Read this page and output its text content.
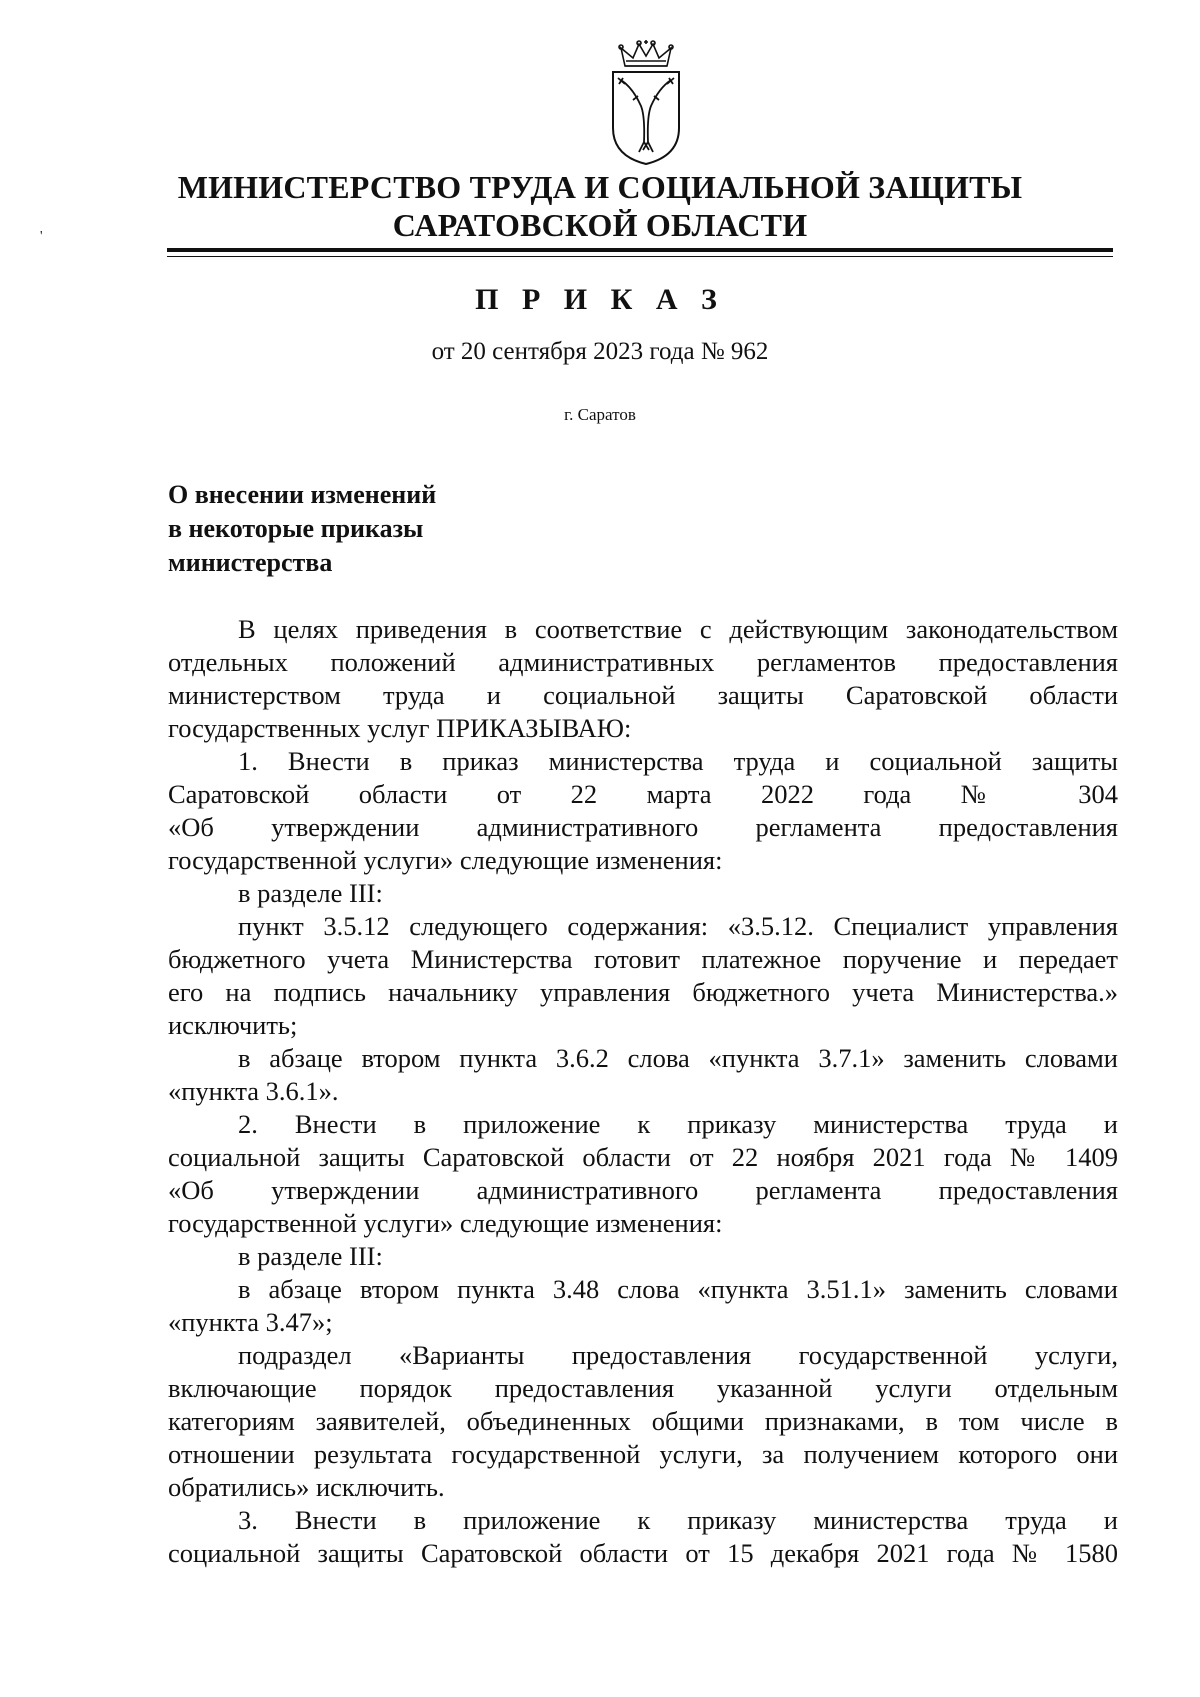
'
МИНИСТЕРСТВО ТРУДА И СОЦИАЛЬНОЙ ЗАЩИТЫ
САРАТОВСКОЙ ОБЛАСТИ
П Р И К А З
от 20 сентября 2023 года № 962
г. Саратов
О внесении изменений
в некоторые приказы
министерства
В целях приведения в соответствие с действующим законодательством
отдельных положений административных регламентов предоставления
министерством труда и социальной защиты Саратовской области
государственных услуг ПРИКАЗЫВАЮ:
1. Внести в приказ министерства труда и социальной защиты
Саратовской области от 22 марта 2022 года № 304
«Об утверждении административного регламента предоставления
государственной услуги» следующие изменения:
в разделе III:
пункт 3.5.12 следующего содержания: «3.5.12. Специалист управления
бюджетного учета Министерства готовит платежное поручение и передает
его на подпись начальнику управления бюджетного учета Министерства.»
исключить;
в абзаце втором пункта 3.6.2 слова «пункта 3.7.1» заменить словами
«пункта 3.6.1».
2. Внести в приложение к приказу министерства труда и
социальной защиты Саратовской области от 22 ноября 2021 года № 1409
«Об утверждении административного регламента предоставления
государственной услуги» следующие изменения:
в разделе III:
в абзаце втором пункта 3.48 слова «пункта 3.51.1» заменить словами
«пункта 3.47»;
подраздел «Варианты предоставления государственной услуги,
включающие порядок предоставления указанной услуги отдельным
категориям заявителей, объединенных общими признаками, в том числе в
отношении результата государственной услуги, за получением которого они
обратились» исключить.
3. Внести в приложение к приказу министерства труда и
социальной защиты Саратовской области от 15 декабря 2021 года № 1580
